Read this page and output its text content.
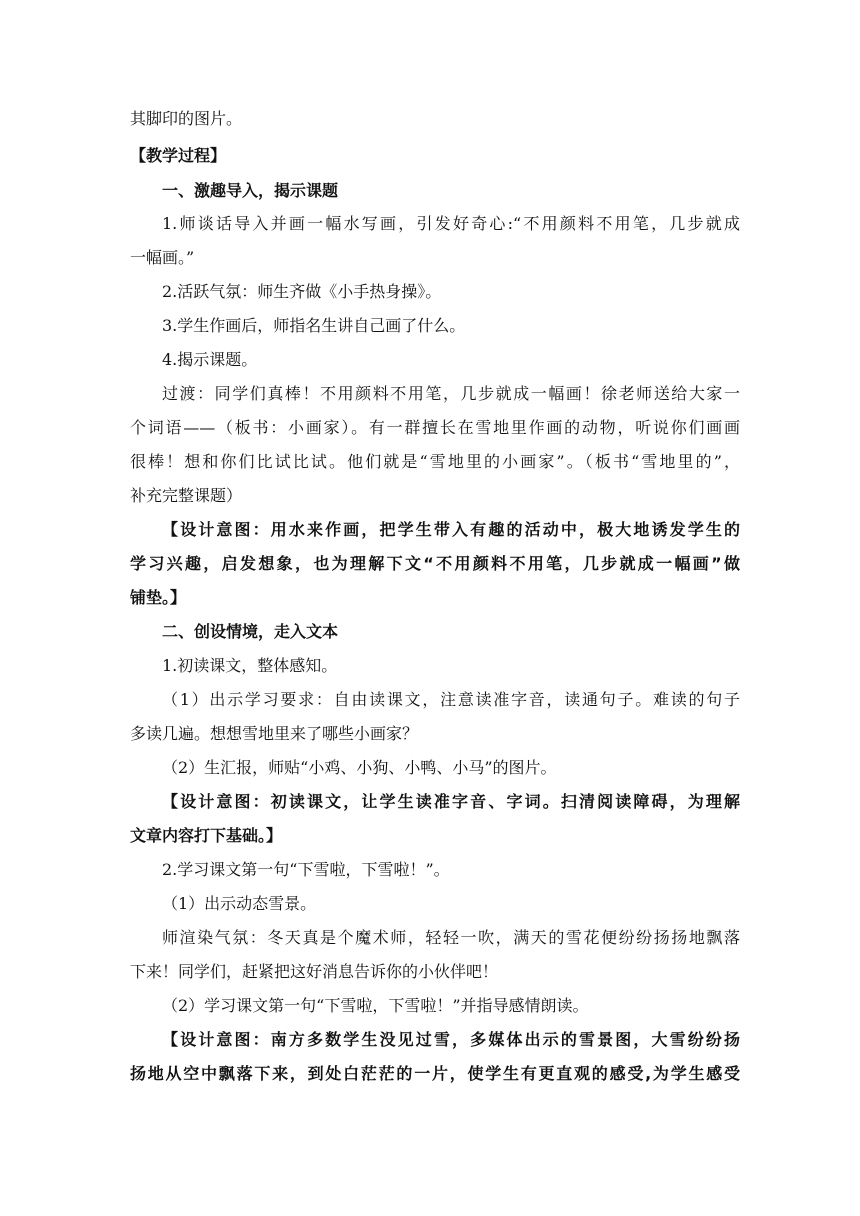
其脚印的图片。
【教学过程】
一、激趣导入，揭示课题
1.师谈话导入并画一幅水写画，引发好奇心:“不用颜料不用笔，几步就成
一幅画。”
2.活跃气氛：师生齐做《小手热身操》。
3.学生作画后，师指名生讲自己画了什么。
4.揭示课题。
过渡：同学们真棒！不用颜料不用笔，几步就成一幅画！徐老师送给大家一
个词语——（板书：小画家）。有一群擅长在雪地里作画的动物，听说你们画画
很棒！想和你们比试比试。他们就是“雪地里的小画家”。（板书“雪地里的”，
补充完整课题）
【设计意图：用水来作画，把学生带入有趣的活动中，极大地诱发学生的
学习兴趣，启发想象，也为理解下文“不用颜料不用笔，几步就成一幅画”做
铺垫。】
二、创设情境，走入文本
1.初读课文，整体感知。
（1）出示学习要求：自由读课文，注意读准字音，读通句子。难读的句子
多读几遍。想想雪地里来了哪些小画家？
（2）生汇报，师贴“小鸡、小狗、小鸭、小马”的图片。
【设计意图：初读课文，让学生读准字音、字词。扫清阅读障碍，为理解
文章内容打下基础。】
2.学习课文第一句“下雪啦，下雪啦！”。
（1）出示动态雪景。
师渲染气氛：冬天真是个魔术师，轻轻一吹，满天的雪花便纷纷扬扬地飘落
下来！同学们，赶紧把这好消息告诉你的小伙伴吧！
（2）学习课文第一句“下雪啦，下雪啦！”并指导感情朗读。
【设计意图：南方多数学生没见过雪，多媒体出示的雪景图，大雪纷纷扬
扬地从空中飘落下来，到处白茫茫的一片，使学生有更直观的感受,为学生感受
